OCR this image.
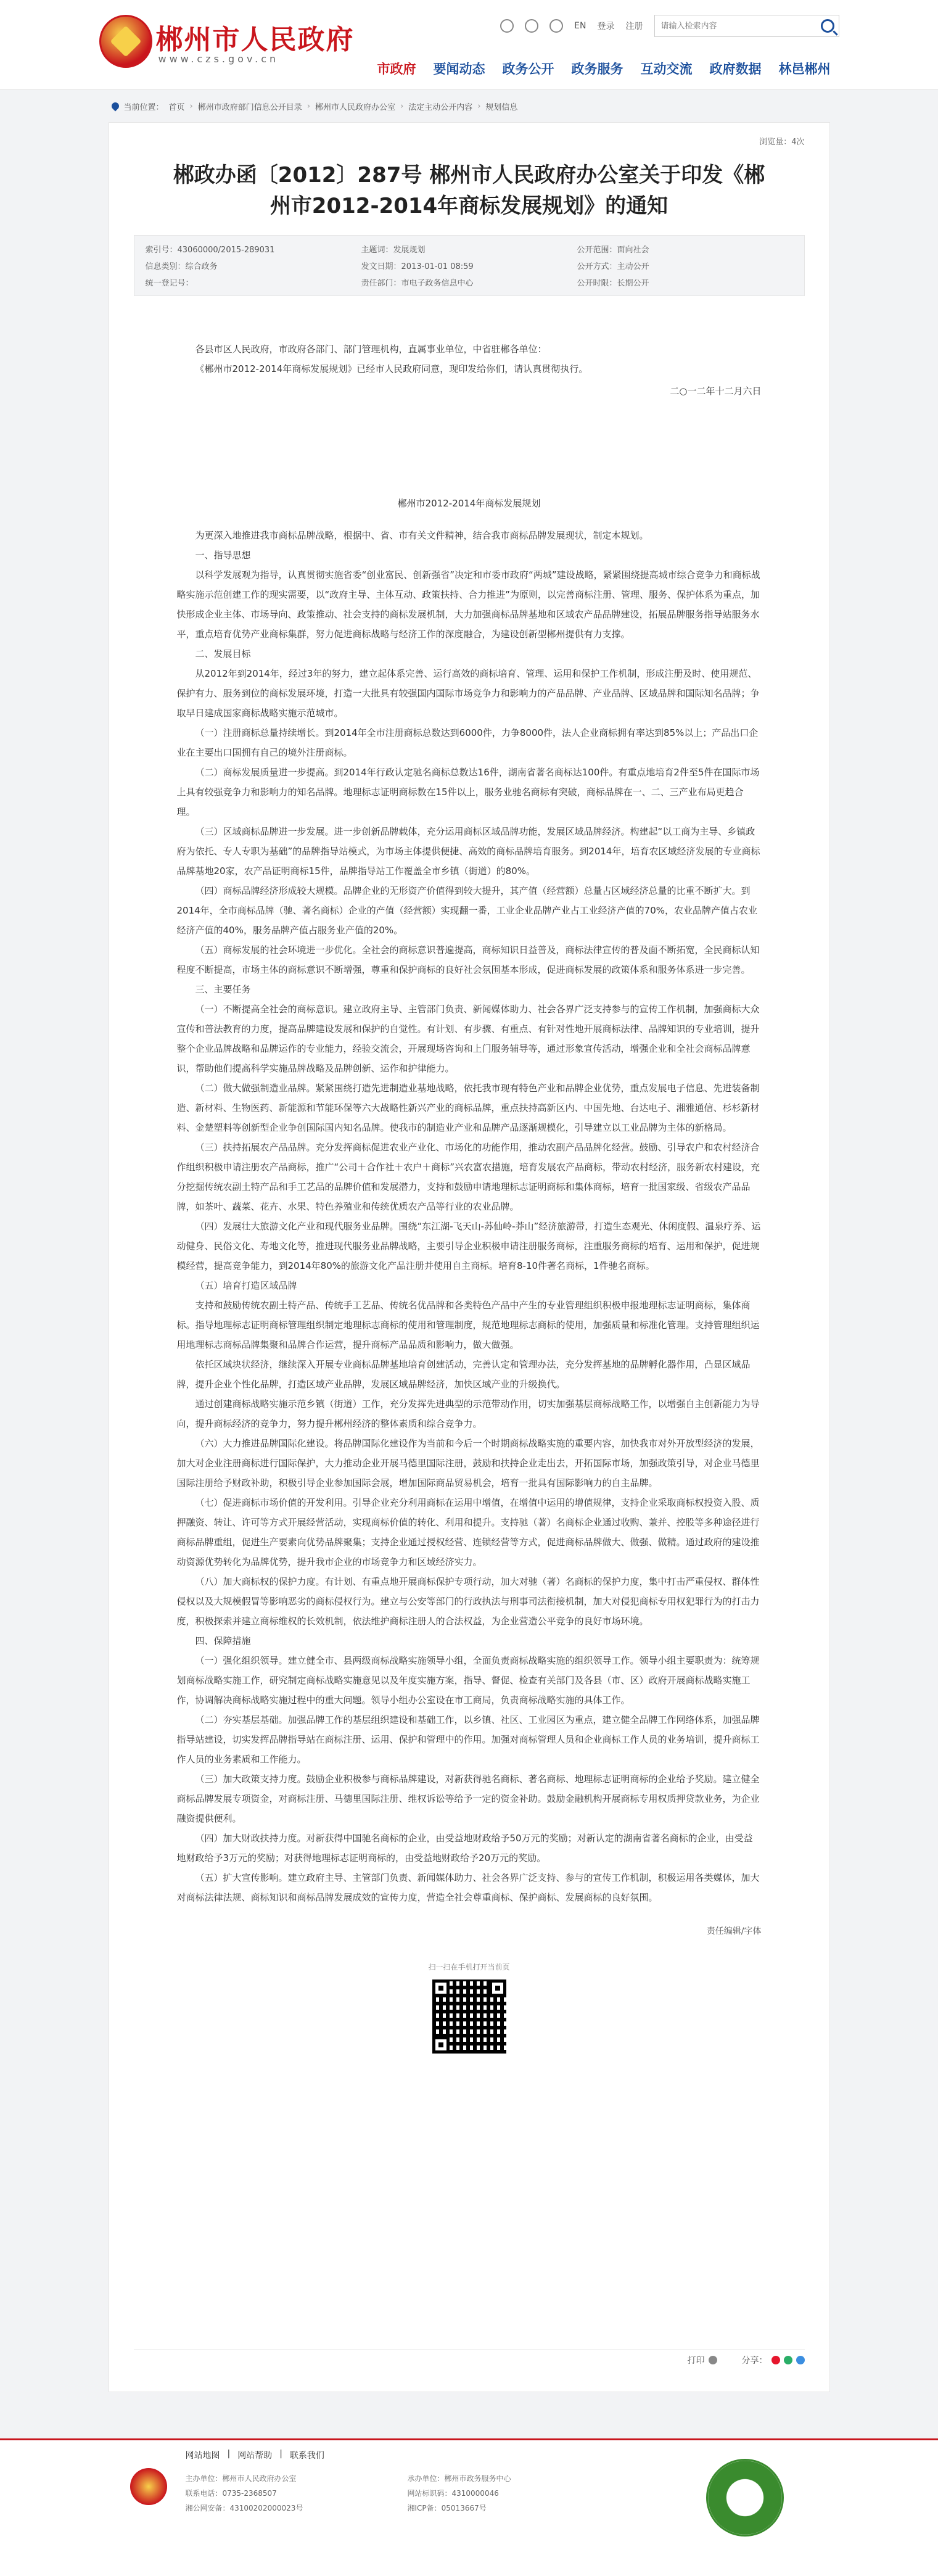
郴州市人民政府
www.czs.gov.cn
EN 登录 注册
请输入检索内容
市政府	要闻动态	政务公开	政务服务	互动交流	政府数据	林邑郴州
当前位置： 首页 › 郴州市政府部门信息公开目录 › 郴州市人民政府办公室 › 法定主动公开内容 › 规划信息
浏览量：4次
郴政办函〔2012〕287号 郴州市人民政府办公室关于印发《郴州市2012-2014年商标发展规划》的通知
索引号：43060000/2015-289031	主题词：发展规划	公开范围：面向社会
信息类别：综合政务	发文日期：2013-01-01 08:59	公开方式：主动公开
统一登记号：	责任部门：市电子政务信息中心	公开时限：长期公开

各县市区人民政府，市政府各部门、部门管理机构，直属事业单位，中省驻郴各单位：

《郴州市2012-2014年商标发展规划》已经市人民政府同意，现印发给你们，请认真贯彻执行。

二○一二年十二月六日

郴州市2012-2014年商标发展规划

为更深入地推进我市商标品牌战略，根据中、省、市有关文件精神，结合我市商标品牌发展现状，制定本规划。

一、指导思想

以科学发展观为指导，认真贯彻实施省委“创业富民、创新强省”决定和市委市政府“两城”建设战略，紧紧围绕提高城市综合竞争力和商标战略实施示范创建工作的现实需要，以“政府主导、主体互动、政策扶持、合力推进”为原则，以完善商标注册、管理、服务、保护体系为重点，加快形成企业主体、市场导向、政策推动、社会支持的商标发展机制，大力加强商标品牌基地和区域农产品品牌建设，拓展品牌服务指导站服务水平，重点培育优势产业商标集群，努力促进商标战略与经济工作的深度融合，为建设创新型郴州提供有力支撑。

二、发展目标

从2012年到2014年，经过3年的努力，建立起体系完善、运行高效的商标培育、管理、运用和保护工作机制，形成注册及时、使用规范、保护有力、服务到位的商标发展环境，打造一大批具有较强国内国际市场竞争力和影响力的产品品牌、产业品牌、区域品牌和国际知名品牌；争取早日建成国家商标战略实施示范城市。

（一）注册商标总量持续增长。到2014年全市注册商标总数达到6000件，力争8000件，法人企业商标拥有率达到85%以上；产品出口企业在主要出口国拥有自己的境外注册商标。

（二）商标发展质量进一步提高。到2014年行政认定驰名商标总数达16件，湖南省著名商标达100件。有重点地培育2件至5件在国际市场上具有较强竞争力和影响力的知名品牌。地理标志证明商标数在15件以上，服务业驰名商标有突破，商标品牌在一、二、三产业布局更趋合理。

（三）区域商标品牌进一步发展。进一步创新品牌载体，充分运用商标区域品牌功能，发展区域品牌经济。构建起“以工商为主导、乡镇政府为依托、专人专职为基础”的品牌指导站模式，为市场主体提供便捷、高效的商标品牌培育服务。到2014年，培育农区域经济发展的专业商标品牌基地20家，农产品证明商标15件，品牌指导站工作覆盖全市乡镇（街道）的80%。

（四）商标品牌经济形成较大规模。品牌企业的无形资产价值得到较大提升，其产值（经营额）总量占区域经济总量的比重不断扩大。到2014年，全市商标品牌（驰、著名商标）企业的产值（经营额）实现翻一番，工业企业品牌产业占工业经济产值的70%，农业品牌产值占农业经济产值的40%，服务品牌产值占服务业产值的20%。

（五）商标发展的社会环境进一步优化。全社会的商标意识普遍提高，商标知识日益普及，商标法律宣传的普及面不断拓宽，全民商标认知程度不断提高，市场主体的商标意识不断增强，尊重和保护商标的良好社会氛围基本形成，促进商标发展的政策体系和服务体系进一步完善。

三、主要任务

（一）不断提高全社会的商标意识。建立政府主导、主管部门负责、新闻媒体助力、社会各界广泛支持参与的宣传工作机制，加强商标大众宣传和普法教育的力度，提高品牌建设发展和保护的自觉性。有计划、有步骤、有重点、有针对性地开展商标法律、品牌知识的专业培训，提升整个企业品牌战略和品牌运作的专业能力，经验交流会，开展现场咨询和上门服务辅导等，通过形象宣传活动，增强企业和全社会商标品牌意识，帮助他们提高科学实施品牌战略及品牌创新、运作和护律能力。

（二）做大做强制造业品牌。紧紧围绕打造先进制造业基地战略，依托我市现有特色产业和品牌企业优势，重点发展电子信息、先进装备制造、新材料、生物医药、新能源和节能环保等六大战略性新兴产业的商标品牌，重点扶持高新区内、中国先地、台达电子、湘雅通信、杉杉新材料、金楚塑料等创新型企业争创国际国内知名品牌。使我市的制造业产业和品牌产品逐渐规模化，引导建立以工业品牌为主体的新格局。

（三）扶持拓展农产品品牌。充分发挥商标促进农业产业化、市场化的功能作用，推动农副产品品牌化经营。鼓励、引导农户和农村经济合作组织积极申请注册农产品商标，推广“公司＋合作社＋农户＋商标”兴农富农措施，培育发展农产品商标，带动农村经济，服务新农村建设，充分挖掘传统农副土特产品和手工艺品的品牌价值和发展潜力，支持和鼓励申请地理标志证明商标和集体商标，培育一批国家级、省级农产品品牌，如茶叶、蔬菜、花卉、水果、特色养殖业和传统优质农产品等行业的农业品牌。

（四）发展壮大旅游文化产业和现代服务业品牌。围绕“东江湖-飞天山-苏仙岭-莽山”经济旅游带，打造生态观光、休闲度假、温泉疗养、运动健身、民俗文化、寿地文化等，推进现代服务业品牌战略，主要引导企业积极申请注册服务商标，注重服务商标的培育、运用和保护，促进规模经营，提高竞争能力，到2014年80%的旅游文化产品注册并使用自主商标。培育8-10件著名商标，1件驰名商标。

（五）培育打造区域品牌

支持和鼓励传统农副土特产品、传统手工艺品、传统名优品牌和各类特色产品中产生的专业管理组织积极申报地理标志证明商标，集体商标。指导地理标志证明商标管理组织制定地理标志商标的使用和管理制度，规范地理标志商标的使用，加强质量和标准化管理。支持管理组织运用地理标志商标品牌集聚和品牌合作运营，提升商标产品品质和影响力，做大做强。

依托区域块状经济，继续深入开展专业商标品牌基地培育创建活动，完善认定和管理办法，充分发挥基地的品牌孵化器作用，凸显区域品牌，提升企业个性化品牌，打造区域产业品牌，发展区域品牌经济，加快区域产业的升级换代。

通过创建商标战略实施示范乡镇（街道）工作，充分发挥先进典型的示范带动作用，切实加强基层商标战略工作，以增强自主创新能力为导向，提升商标经济的竞争力，努力提升郴州经济的整体素质和综合竞争力。

（六）大力推进品牌国际化建设。将品牌国际化建设作为当前和今后一个时期商标战略实施的重要内容，加快我市对外开放型经济的发展，加大对企业注册商标进行国际保护，大力推动企业开展马德里国际注册，鼓励和扶持企业走出去，开拓国际市场，加强政策引导，对企业马德里国际注册给予财政补助，积极引导企业参加国际会展，增加国际商品贸易机会，培育一批具有国际影响力的自主品牌。

（七）促进商标市场价值的开发利用。引导企业充分利用商标在运用中增值，在增值中运用的增值规律，支持企业采取商标权投资入股、质押融资、转让、许可等方式开展经营活动，实现商标价值的转化、利用和提升。支持驰（著）名商标企业通过收购、兼并、控股等多种途径进行商标品牌重组，促进生产要素向优势品牌聚集；支持企业通过授权经营、连锁经营等方式，促进商标品牌做大、做强、做精。通过政府的建设推动资源优势转化为品牌优势，提升我市企业的市场竞争力和区域经济实力。

（八）加大商标权的保护力度。有计划、有重点地开展商标保护专项行动，加大对驰（著）名商标的保护力度，集中打击严重侵权、群体性侵权以及大规模假冒等影响恶劣的商标侵权行为。建立与公安等部门的行政执法与刑事司法衔接机制，加大对侵犯商标专用权犯罪行为的打击力度，积极探索并建立商标维权的长效机制，依法维护商标注册人的合法权益，为企业营造公平竞争的良好市场环境。

四、保障措施

（一）强化组织领导。建立健全市、县两级商标战略实施领导小组，全面负责商标战略实施的组织领导工作。领导小组主要职责为：统筹规划商标战略实施工作，研究制定商标战略实施意见以及年度实施方案，指导、督促、检查有关部门及各县（市、区）政府开展商标战略实施工作，协调解决商标战略实施过程中的重大问题。领导小组办公室设在市工商局，负责商标战略实施的具体工作。

（二）夯实基层基础。加强品牌工作的基层组织建设和基础工作，以乡镇、社区、工业园区为重点，建立健全品牌工作网络体系，加强品牌指导站建设，切实发挥品牌指导站在商标注册、运用、保护和管理中的作用。加强对商标管理人员和企业商标工作人员的业务培训，提升商标工作人员的业务素质和工作能力。

（三）加大政策支持力度。鼓励企业积极参与商标品牌建设，对新获得驰名商标、著名商标、地理标志证明商标的企业给予奖励。建立健全商标品牌发展专项资金，对商标注册、马德里国际注册、维权诉讼等给予一定的资金补助。鼓励金融机构开展商标专用权质押贷款业务，为企业融资提供便利。

（四）加大财政扶持力度。对新获得中国驰名商标的企业，由受益地财政给予50万元的奖励；对新认定的湖南省著名商标的企业，由受益地财政给予3万元的奖励；对获得地理标志证明商标的，由受益地财政给予20万元的奖励。

（五）扩大宣传影响。建立政府主导、主管部门负责、新闻媒体助力、社会各界广泛支持、参与的宣传工作机制，积极运用各类媒体，加大对商标法律法规、商标知识和商标品牌发展成效的宣传力度，营造全社会尊重商标、保护商标、发展商标的良好氛围。

责任编辑/字体
扫一扫在手机打开当前页
打印	分享：
网站地图 | 网站帮助 | 联系我们
主办单位：郴州市人民政府办公室	承办单位：郴州市政务服务中心
联系电话：0735-2368507	网站标识码：4310000046
湘公网安备：43100202000023号	湘ICP备：05013667号
